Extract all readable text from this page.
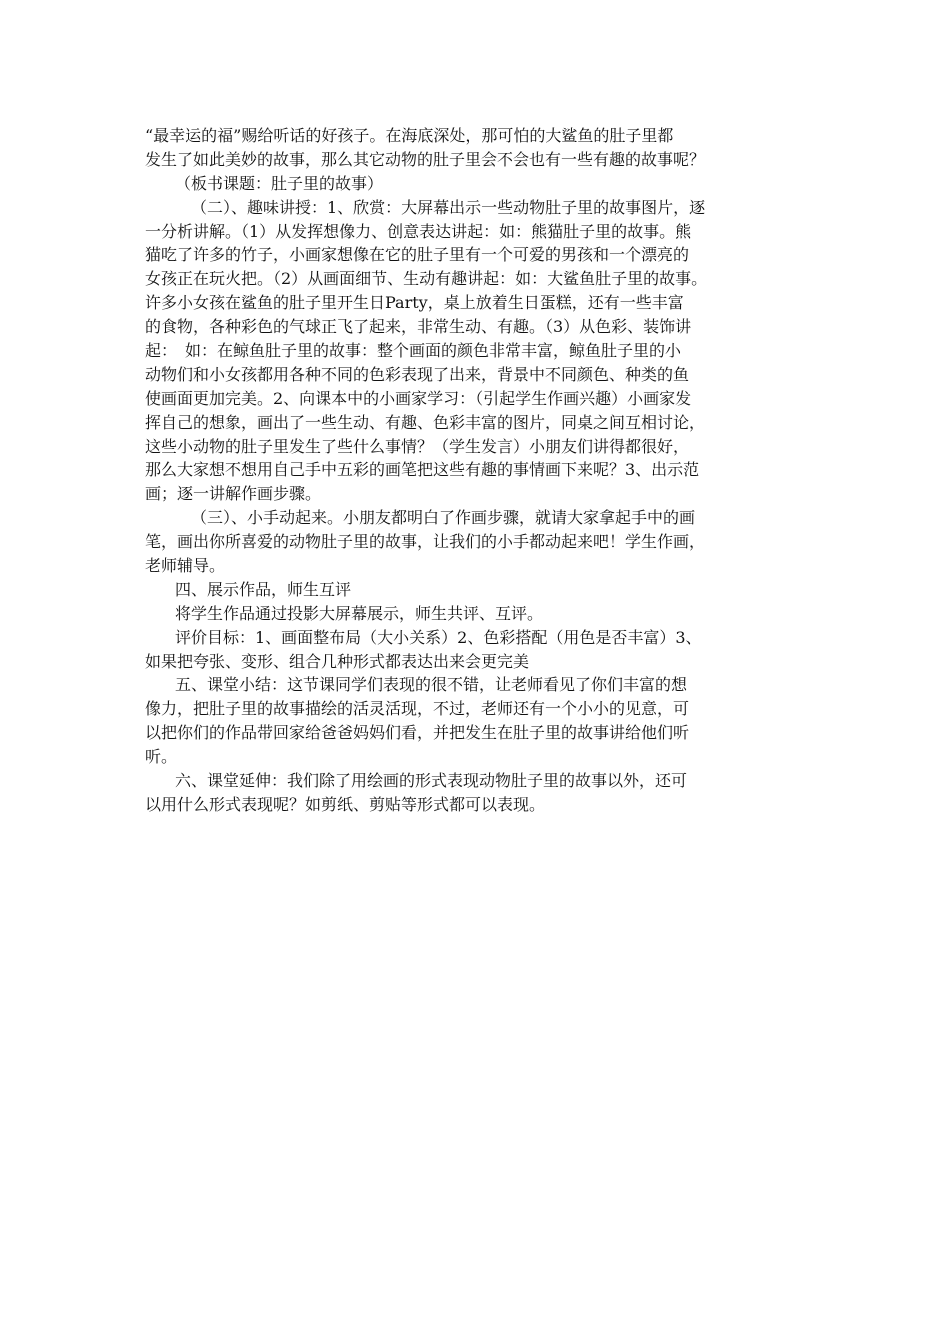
“最幸运的福”赐给听话的好孩子。在海底深处，那可怕的大鲨鱼的肚子里都
发生了如此美妙的故事，那么其它动物的肚子里会不会也有一些有趣的故事呢？
（板书课题：肚子里的故事）
（二）、趣味讲授：1、欣赏：大屏幕出示一些动物肚子里的故事图片，逐
一分析讲解。（1）从发挥想像力、创意表达讲起：如：熊猫肚子里的故事。熊
猫吃了许多的竹子，小画家想像在它的肚子里有一个可爱的男孩和一个漂亮的
女孩正在玩火把。（2）从画面细节、生动有趣讲起：如：大鲨鱼肚子里的故事。
许多小女孩在鲨鱼的肚子里开生日Party，桌上放着生日蛋糕，还有一些丰富
的食物，各种彩色的气球正飞了起来，非常生动、有趣。（3）从色彩、装饰讲
起：　如：在鲸鱼肚子里的故事：整个画面的颜色非常丰富，鲸鱼肚子里的小
动物们和小女孩都用各种不同的色彩表现了出来，背景中不同颜色、种类的鱼
使画面更加完美。2、向课本中的小画家学习：（引起学生作画兴趣）小画家发
挥自己的想象，画出了一些生动、有趣、色彩丰富的图片，同桌之间互相讨论，
这些小动物的肚子里发生了些什么事情？（学生发言）小朋友们讲得都很好，
那么大家想不想用自己手中五彩的画笔把这些有趣的事情画下来呢？3、出示范
画；逐一讲解作画步骤。
（三）、小手动起来。小朋友都明白了作画步骤，就请大家拿起手中的画
笔，画出你所喜爱的动物肚子里的故事，让我们的小手都动起来吧！学生作画，
老师辅导。
四、展示作品，师生互评
将学生作品通过投影大屏幕展示，师生共评、互评。
评价目标：1、画面整布局（大小关系）2、色彩搭配（用色是否丰富）3、
如果把夸张、变形、组合几种形式都表达出来会更完美
五、课堂小结：这节课同学们表现的很不错，让老师看见了你们丰富的想
像力，把肚子里的故事描绘的活灵活现，不过，老师还有一个小小的见意，可
以把你们的作品带回家给爸爸妈妈们看，并把发生在肚子里的故事讲给他们听
听。
六、课堂延伸：我们除了用绘画的形式表现动物肚子里的故事以外，还可
以用什么形式表现呢？如剪纸、剪贴等形式都可以表现。
